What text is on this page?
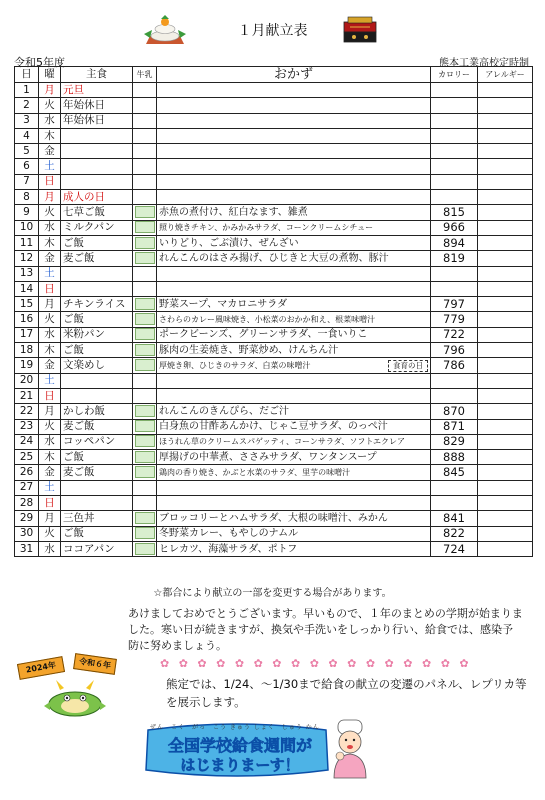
１月献立表
令和5年度	熊本工業高校定時制
日	曜	主食	牛乳	おかず	カロリー	アレルギー
1	月	元旦				
2	火	年始休日				
3	水	年始休日				
4	木					
5	金					
6	土					
7	日					
8	月	成人の日				
9	火	七草ご飯		赤魚の煮付け、紅白なます、雑煮	815	
10	水	ミルクパン		照り焼きチキン、かみかみサラダ、コーンクリームシチュー	966	
11	木	ご飯		いりどり、ごぶ漬け、ぜんざい	894	
12	金	麦ご飯		れんこんのはさみ揚げ、ひじきと大豆の煮物、豚汁	819	
13	土					
14	日					
15	月	チキンライス		野菜スープ、マカロニサラダ	797	
16	火	ご飯		さわらのカレー風味焼き、小松菜のおかか和え、根菜味噌汁	779	
17	水	米粉パン		ポークビーンズ、グリーンサラダ、一食いりこ	722	
18	木	ご飯		豚肉の生姜焼き、野菜炒め、けんちん汁	796	
19	金	文楽めし		厚焼き卵、ひじきのサラダ、白菜の味噌汁 食育の日	786	
20	土					
21	日					
22	月	かしわ飯		れんこんのきんぴら、だご汁	870	
23	火	麦ご飯		白身魚の甘酢あんかけ、じゃこ豆サラダ、のっぺ汁	871	
24	水	コッペパン		ほうれん草のクリームスパゲッティ、コーンサラダ、ソフトエクレア	829	
25	木	ご飯		厚揚げの中華煮、ささみサラダ、ワンタンスープ	888	
26	金	麦ご飯		鶏肉の香り焼き、かぶと水菜のサラダ、里芋の味噌汁	845	
27	土					
28	日					
29	月	三色丼		ブロッコリーとハムサラダ、大根の味噌汁、みかん	841	
30	火	ご飯		冬野菜カレー、もやしのナムル	822	
31	水	ココアパン		ヒレカツ、海藻サラダ、ポトフ	724	
☆都合により献立の一部を変更する場合があります。
あけましておめでとうございます。早いもので、１年のまとめの学期が始まりました。寒い日が続きますが、換気や手洗いをしっかり行い、給食では、感染予防に努めましょう。
2024年	令和６年	✿ ✿ ✿ ✿ ✿ ✿ ✿ ✿ ✿ ✿ ✿ ✿ ✿ ✿ ✿ ✿ ✿
熊定では、1/24、～1/30まで給食の献立の変遷のパネル、レプリカ等を展示します。
ぜん　こく　がっ　こう きゅう しょく　しゅう かん
全国学校給食週間が
はじまりまーす！
